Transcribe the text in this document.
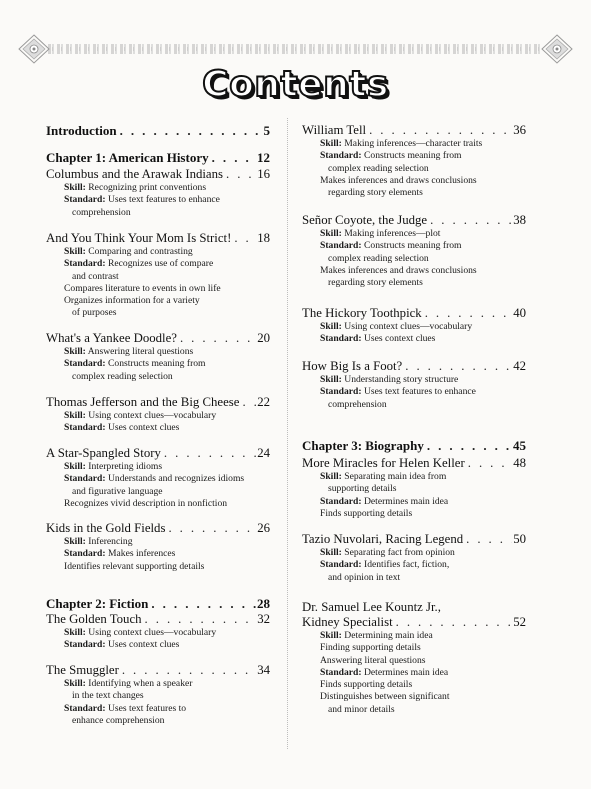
Contents
Introduction . . .	5
Chapter 1: American History . . .	12
Columbus and the Arawak Indians . . .	16
Skill: Recognizing print conventions
Standard: Uses text features to enhance
comprehension
And You Think Your Mom Is Strict! . . . 18
Skill: Comparing and contrasting
Standard: Recognizes use of compare
and contrast
Compares literature to events in own life
Organizes information for a variety
of purposes
What's a Yankee Doodle? . . .	20
Skill: Answering literal questions
Standard: Constructs meaning from
complex reading selection
Thomas Jefferson and the Big Cheese . . . 22
Skill: Using context clues—vocabulary
Standard: Uses context clues
A Star-Spangled Story . . .	24
Skill: Interpreting idioms
Standard: Understands and recognizes idioms
and figurative language
Recognizes vivid description in nonfiction
Kids in the Gold Fields . . .	26
Skill: Inferencing
Standard: Makes inferences
Identifies relevant supporting details
Chapter 2: Fiction . . .	28
The Golden Touch . . .	32
Skill: Using context clues—vocabulary
Standard: Uses context clues
The Smuggler . . .	34
Skill: Identifying when a speaker
in the text changes
Standard: Uses text features to
enhance comprehension
William Tell . . .	36
Skill: Making inferences—character traits
Standard: Constructs meaning from
complex reading selection
Makes inferences and draws conclusions
regarding story elements
Señor Coyote, the Judge . . .	38
Skill: Making inferences—plot
Standard: Constructs meaning from
complex reading selection
Makes inferences and draws conclusions
regarding story elements
The Hickory Toothpick . . .	40
Skill: Using context clues—vocabulary
Standard: Uses context clues
How Big Is a Foot? . . .	42
Skill: Understanding story structure
Standard: Uses text features to enhance
comprehension
Chapter 3: Biography . . .	45
More Miracles for Helen Keller . . .	48
Skill: Separating main idea from
supporting details
Standard: Determines main idea
Finds supporting details
Tazio Nuvolari, Racing Legend . . .	50
Skill: Separating fact from opinion
Standard: Identifies fact, fiction,
and opinion in text
Dr. Samuel Lee Kountz Jr.,
Kidney Specialist . . .	52
Skill: Determining main idea
Finding supporting details
Answering literal questions
Standard: Determines main idea
Finds supporting details
Distinguishes between significant
and minor details
